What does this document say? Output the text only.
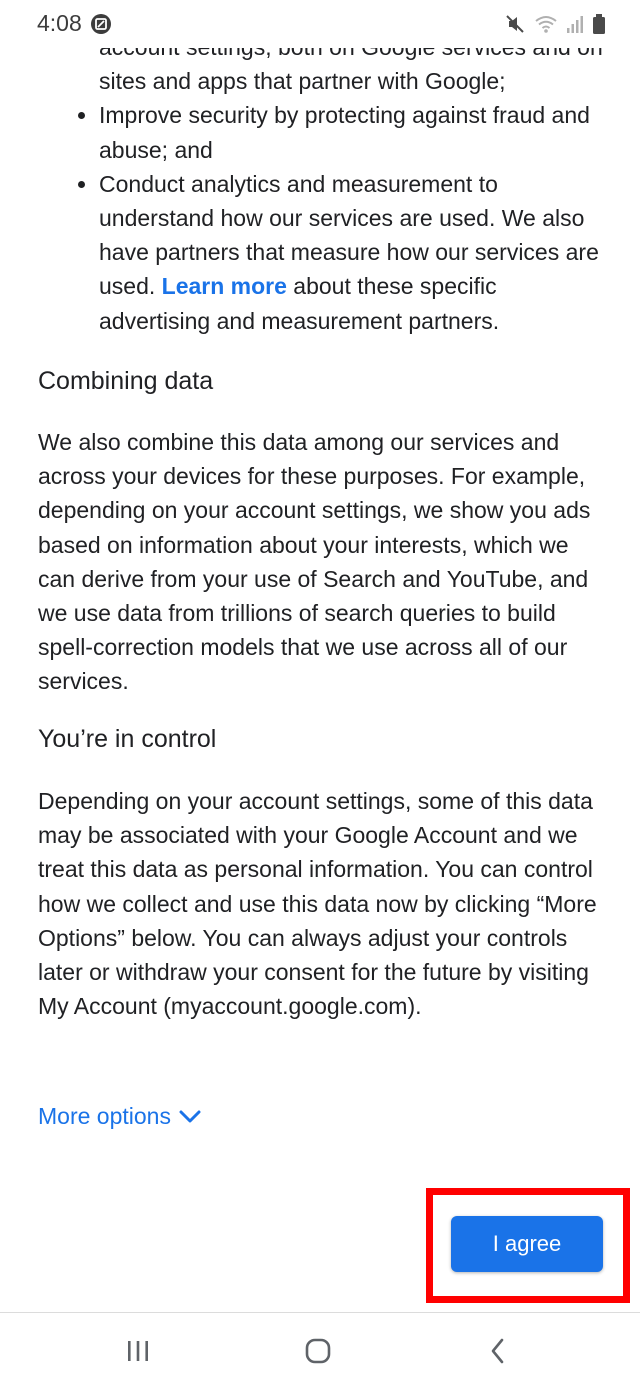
sites and apps that partner with Google;
Improve security by protecting against fraud and abuse; and
Conduct analytics and measurement to understand how our services are used. We also have partners that measure how our services are used. Learn more about these specific advertising and measurement partners.
Combining data

We also combine this data among our services and across your devices for these purposes. For example, depending on your account settings, we show you ads based on information about your interests, which we can derive from your use of Search and YouTube, and we use data from trillions of search queries to build spell-correction models that we use across all of our services.

You’re in control

Depending on your account settings, some of this data may be associated with your Google Account and we treat this data as personal information. You can control how we collect and use this data now by clicking “More Options” below. You can always adjust your controls later or withdraw your consent for the future by visiting My Account (myaccount.google.com).

More options
4:08
I agree
